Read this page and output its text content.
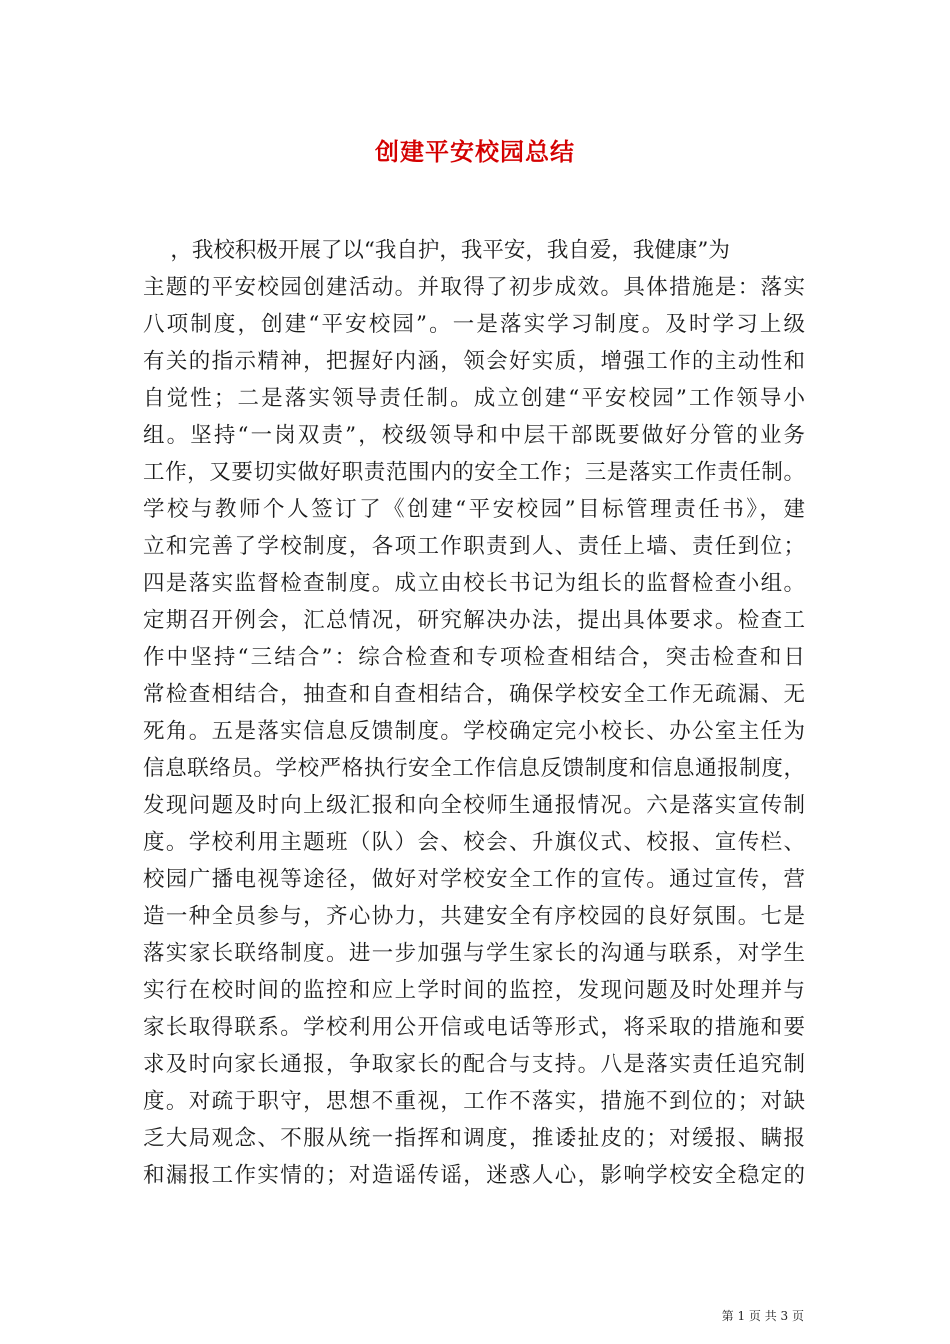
创建平安校园总结
，我校积极开展了以“我自护，我平安，我自爱，我健康”为
主题的平安校园创建活动。并取得了初步成效。具体措施是：落实
八项制度，创建“平安校园”。一是落实学习制度。及时学习上级
有关的指示精神，把握好内涵，领会好实质，增强工作的主动性和
自觉性；二是落实领导责任制。成立创建“平安校园”工作领导小
组。坚持“一岗双责”，校级领导和中层干部既要做好分管的业务
工作，又要切实做好职责范围内的安全工作；三是落实工作责任制。
学校与教师个人签订了《创建“平安校园”目标管理责任书》，建
立和完善了学校制度，各项工作职责到人、责任上墙、责任到位；
四是落实监督检查制度。成立由校长书记为组长的监督检查小组。
定期召开例会，汇总情况，研究解决办法，提出具体要求。检查工
作中坚持“三结合”：综合检查和专项检查相结合，突击检查和日
常检查相结合，抽查和自查相结合，确保学校安全工作无疏漏、无
死角。五是落实信息反馈制度。学校确定完小校长、办公室主任为
信息联络员。学校严格执行安全工作信息反馈制度和信息通报制度，
发现问题及时向上级汇报和向全校师生通报情况。六是落实宣传制
度。学校利用主题班（队）会、校会、升旗仪式、校报、宣传栏、
校园广播电视等途径，做好对学校安全工作的宣传。通过宣传，营
造一种全员参与，齐心协力，共建安全有序校园的良好氛围。七是
落实家长联络制度。进一步加强与学生家长的沟通与联系，对学生
实行在校时间的监控和应上学时间的监控，发现问题及时处理并与
家长取得联系。学校利用公开信或电话等形式，将采取的措施和要
求及时向家长通报，争取家长的配合与支持。八是落实责任追究制
度。对疏于职守，思想不重视，工作不落实，措施不到位的；对缺
乏大局观念、不服从统一指挥和调度，推诿扯皮的；对缓报、瞒报
和漏报工作实情的；对造谣传谣，迷惑人心，影响学校安全稳定的
第 1 页 共 3 页
